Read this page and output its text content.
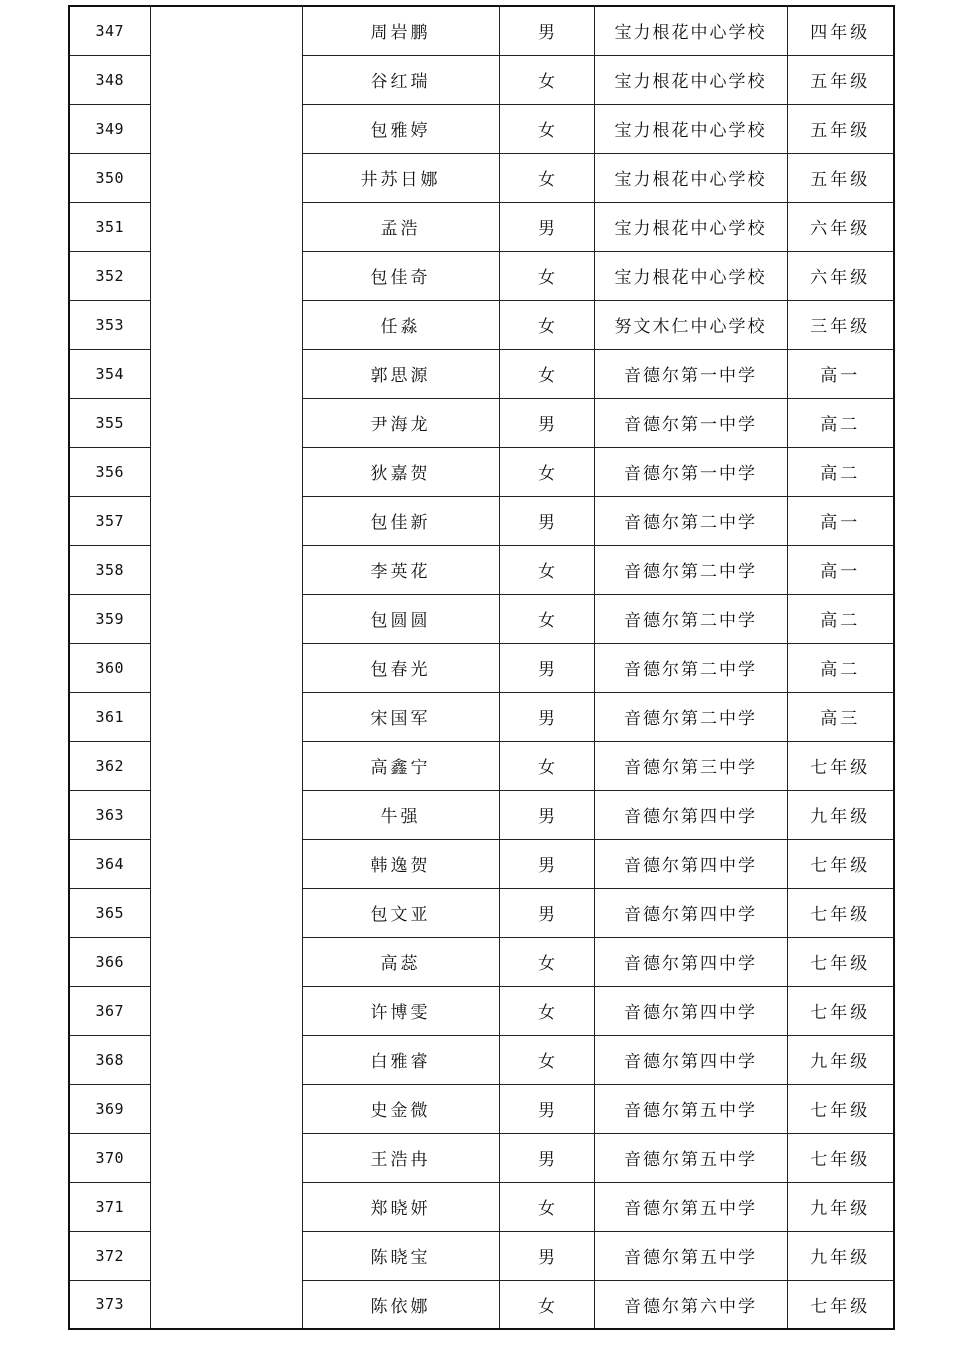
347		周岩鹏	男	宝力根花中心学校	四年级
348		谷红瑞	女	宝力根花中心学校	五年级
349		包雅婷	女	宝力根花中心学校	五年级
350		井苏日娜	女	宝力根花中心学校	五年级
351		孟浩	男	宝力根花中心学校	六年级
352		包佳奇	女	宝力根花中心学校	六年级
353		任淼	女	努文木仁中心学校	三年级
354		郭思源	女	音德尔第一中学	高一
355		尹海龙	男	音德尔第一中学	高二
356		狄嘉贺	女	音德尔第一中学	高二
357		包佳新	男	音德尔第二中学	高一
358		李英花	女	音德尔第二中学	高一
359		包圆圆	女	音德尔第二中学	高二
360		包春光	男	音德尔第二中学	高二
361		宋国军	男	音德尔第二中学	高三
362		高鑫宁	女	音德尔第三中学	七年级
363		牛强	男	音德尔第四中学	九年级
364		韩逸贺	男	音德尔第四中学	七年级
365		包文亚	男	音德尔第四中学	七年级
366		高蕊	女	音德尔第四中学	七年级
367		许博雯	女	音德尔第四中学	七年级
368		白雅睿	女	音德尔第四中学	九年级
369		史金微	男	音德尔第五中学	七年级
370		王浩冉	男	音德尔第五中学	七年级
371		郑晓妍	女	音德尔第五中学	九年级
372		陈晓宝	男	音德尔第五中学	九年级
373		陈依娜	女	音德尔第六中学	七年级
